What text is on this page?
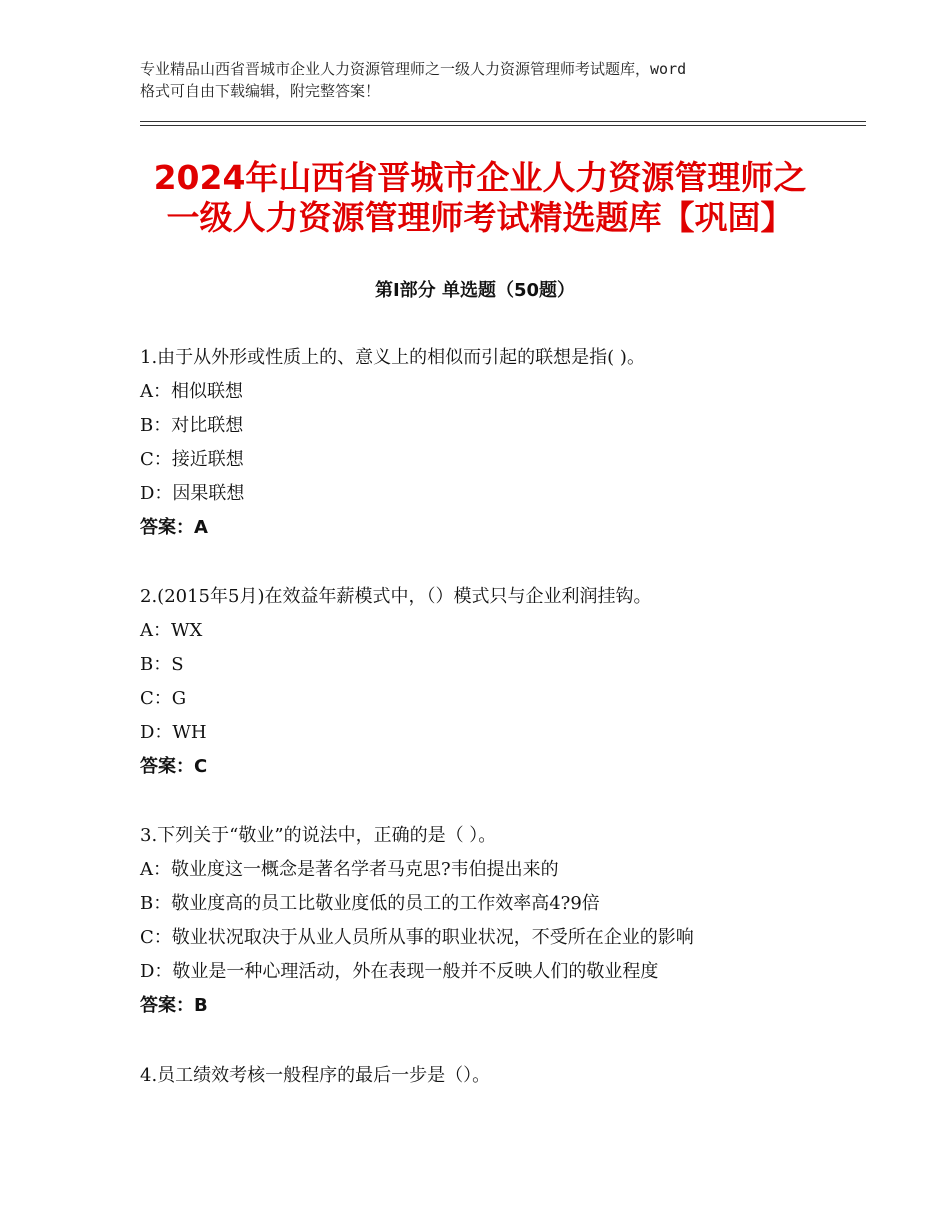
专业精品山西省晋城市企业人力资源管理师之一级人力资源管理师考试题库，word
格式可自由下载编辑，附完整答案！
2024年山西省晋城市企业人力资源管理师之
一级人力资源管理师考试精选题库【巩固】
第Ⅰ部分 单选题（50题）
1.由于从外形或性质上的、意义上的相似而引起的联想是指( )。
A：相似联想
B：对比联想
C：接近联想
D：因果联想
答案：A
2.(2015年5月)在效益年薪模式中，（）模式只与企业利润挂钩。
A：WX
B：S
C：G
D：WH
答案：C
3.下列关于“敬业”的说法中，正确的是（ ）。
A：敬业度这一概念是著名学者马克思?韦伯提出来的
B：敬业度高的员工比敬业度低的员工的工作效率高4?9倍
C：敬业状况取决于从业人员所从事的职业状况，不受所在企业的影响
D：敬业是一种心理活动，外在表现一般并不反映人们的敬业程度
答案：B
4.员工绩效考核一般程序的最后一步是（）。
